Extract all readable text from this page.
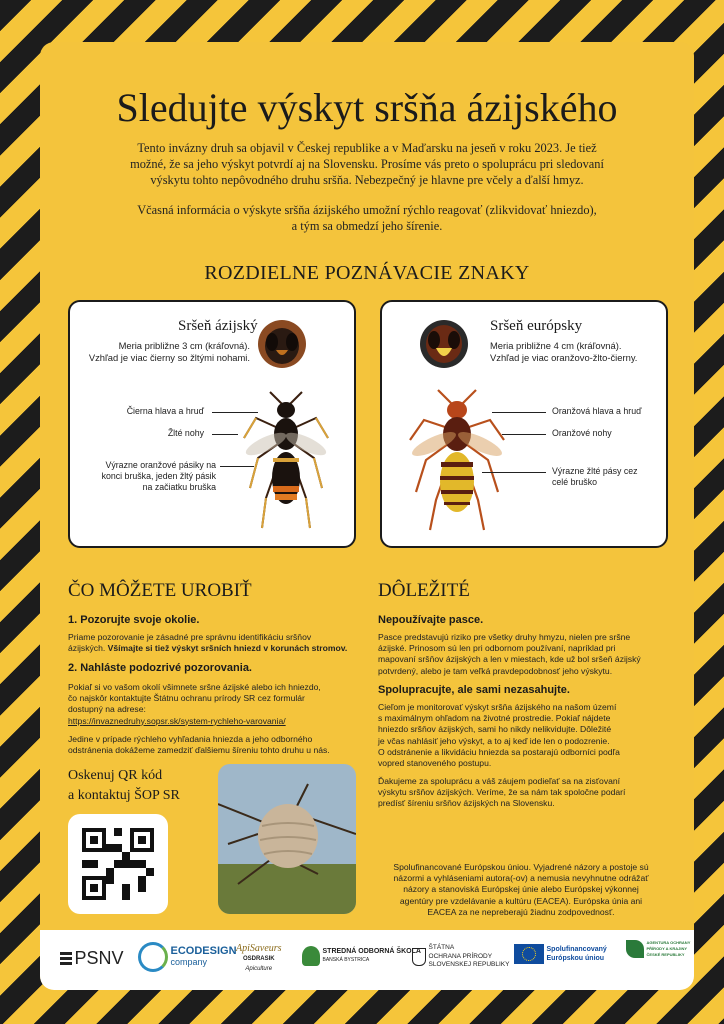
Sledujte výskyt sršňa ázijského
Tento invázny druh sa objavil v Českej republike a v Maďarsku na jeseň v roku 2023. Je tiež
možné, že sa jeho výskyt potvrdí aj na Slovensku. Prosíme vás preto o spoluprácu pri sledovaní
výskytu tohto nepôvodného druhu sršňa. Nebezpečný je hlavne pre včely a ďalší hmyz.
Včasná informácia o výskyte sršňa ázijského umožní rýchlo reagovať (zlikvidovať hniezdo),
a tým sa obmedzí jeho šírenie.
ROZDIELNE POZNÁVACIE ZNAKY
Sršeň ázijský
Meria približne 3 cm (kráľovná).
Vzhľad je viac čierny so žltými nohami.
Čierna hlava a hruď
Žlté nohy
Výrazne oranžové pásiky na
konci bruška, jeden žltý pásik
na začiatku bruška
Sršeň európsky
Meria približne 4 cm (kráľovná).
Vzhľad je viac oranžovo-žlto-čierny.
Oranžová hlava a hruď
Oranžové nohy
Výrazne žlté pásy cez
celé bruško
ČO MÔŽETE UROBIŤ
1. Pozorujte svoje okolie.
Priame pozorovanie je zásadné pre správnu identifikáciu sršňov
ázijských. Všímajte si tiež výskyt sršních hniezd v korunách stromov.
2. Nahláste podozrivé pozorovania.
Pokiaľ si vo vašom okolí všimnete sršne ázijské alebo ich hniezdo,
čo najskôr kontaktujte Štátnu ochranu prírody SR cez formulár
dostupný na adrese:
https://invaznedruhy.sopsr.sk/system-rychleho-varovania/
Jedine v prípade rýchleho vyhľadania hniezda a jeho odborného
odstránenia dokážeme zamedziť ďalšiemu šíreniu tohto druhu u nás.
Oskenuj QR kód
a kontaktuj ŠOP SR
DÔLEŽITÉ
Nepoužívajte pasce.
Pasce predstavujú riziko pre všetky druhy hmyzu, nielen pre sršne
ázijské. Prinosom sú len pri odbornom používaní, napríklad pri
mapovaní sršňov ázijských a len v miestach, kde už bol sršeň ázijský
potvrdený, alebo je tam veľká pravdepodobnosť jeho výskytu.
Spolupracujte, ale sami nezasahujte.
Cieľom je monitorovať výskyt sršňa ázijského na našom území
s maximálnym ohľadom na životné prostredie. Pokiaľ nájdete
hniezdo sršňov ázijských, sami ho nikdy nelikvidujte. Dôležité
je včas nahlásiť jeho výskyt, a to aj keď ide len o podozrenie.
O odstránenie a likvidáciu hniezda sa postarajú odborníci podľa
vopred stanoveného postupu.
Ďakujeme za spoluprácu a váš záujem podieľať sa na zisťovaní
výskytu sršňov ázijských. Veríme, že sa nám tak spoločne podarí
predísť šíreniu sršňov ázijských na Slovensku.
Spolufinancované Európskou úniou. Vyjadrené názory a postoje sú
názormi a vyhláseniami autora(-ov) a nemusia nevyhnutne odrážať
názory a stanoviská Európskej únie alebo Európskej výkonnej
agentúry pre vzdelávanie a kultúru (EACEA). Európska únia ani
EACEA za ne nepreberajú žiadnu zodpovednosť.
PSNV
	ECODESIGN
company
ApiSaveurs
OSDRASIK
Apiculture

STREDNÁ ODBORNÁ ŠKOLA
BANSKÁ BYSTRICA

ŠTÁTNA
OCHRANA PRÍRODY
SLOVENSKEJ REPUBLIKY

Spolufinancovaný
Európskou úniou

AGENTURA OCHRANY
PŘÍRODY A KRAJINY
ČESKÉ REPUBLIKY
